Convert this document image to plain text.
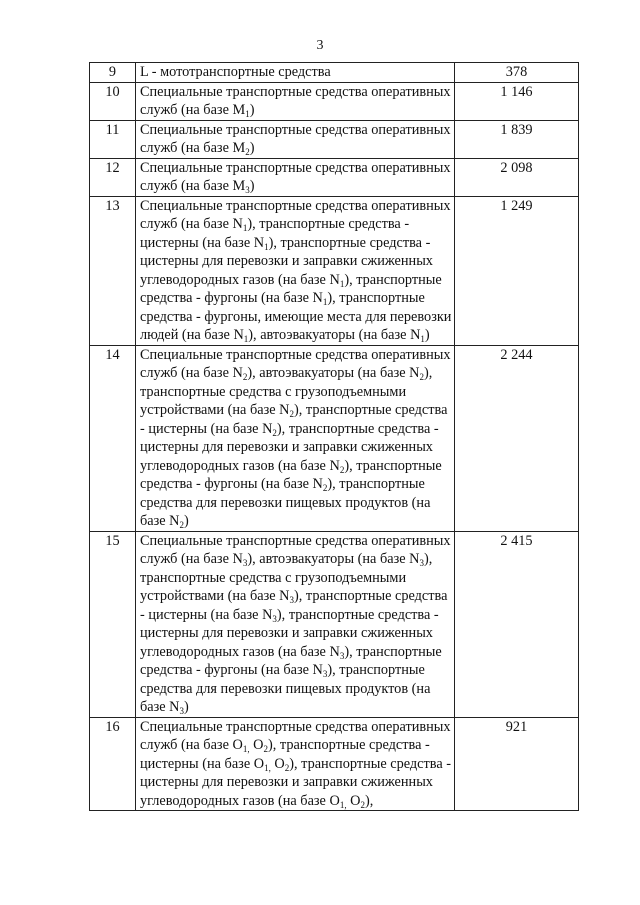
3
9	L - мототранспортные средства	378
10	Специальные транспортные средства оперативных служб (на базе $M_1$)	1 146
11	Специальные транспортные средства оперативных служб (на базе $M_2$)	1 839
12	Специальные транспортные средства оперативных служб (на базе $M_3$)	2 098
13	Специальные транспортные средства оперативных служб (на базе $N_1$), транспортные средства - цистерны (на базе $N_1$), транспортные средства - цистерны для перевозки и заправки сжиженных углеводородных газов (на базе $N_1$), транспортные средства - фургоны (на базе $N_1$), транспортные средства - фургоны, имеющие места для перевозки людей (на базе $N_1$), автоэвакуаторы (на базе $N_1$)	1 249
14	Специальные транспортные средства оперативных служб (на базе $N_2$), автоэвакуаторы (на базе $N_2$), транспортные средства с грузоподъемными устройствами (на базе $N_2$), транспортные средства - цистерны (на базе $N_2$), транспортные средства - цистерны для перевозки и заправки сжиженных углеводородных газов (на базе $N_2$), транспортные средства - фургоны (на базе $N_2$), транспортные средства для перевозки пищевых продуктов (на базе $N_2$)	2 244
15	Специальные транспортные средства оперативных служб (на базе $N_3$), автоэвакуаторы (на базе $N_3$), транспортные средства с грузоподъемными устройствами (на базе $N_3$), транспортные средства - цистерны (на базе $N_3$), транспортные средства - цистерны для перевозки и заправки сжиженных углеводородных газов (на базе $N_3$), транспортные средства - фургоны (на базе $N_3$), транспортные средства для перевозки пищевых продуктов (на базе $N_3$)	2 415
16	Специальные транспортные средства оперативных служб (на базе $O_{1,}$ $O_2$), транспортные средства - цистерны (на базе $O_{1,}$ $O_2$), транспортные средства - цистерны для перевозки и заправки сжиженных углеводородных газов (на базе $O_{1,}$ $O_2$),	921
